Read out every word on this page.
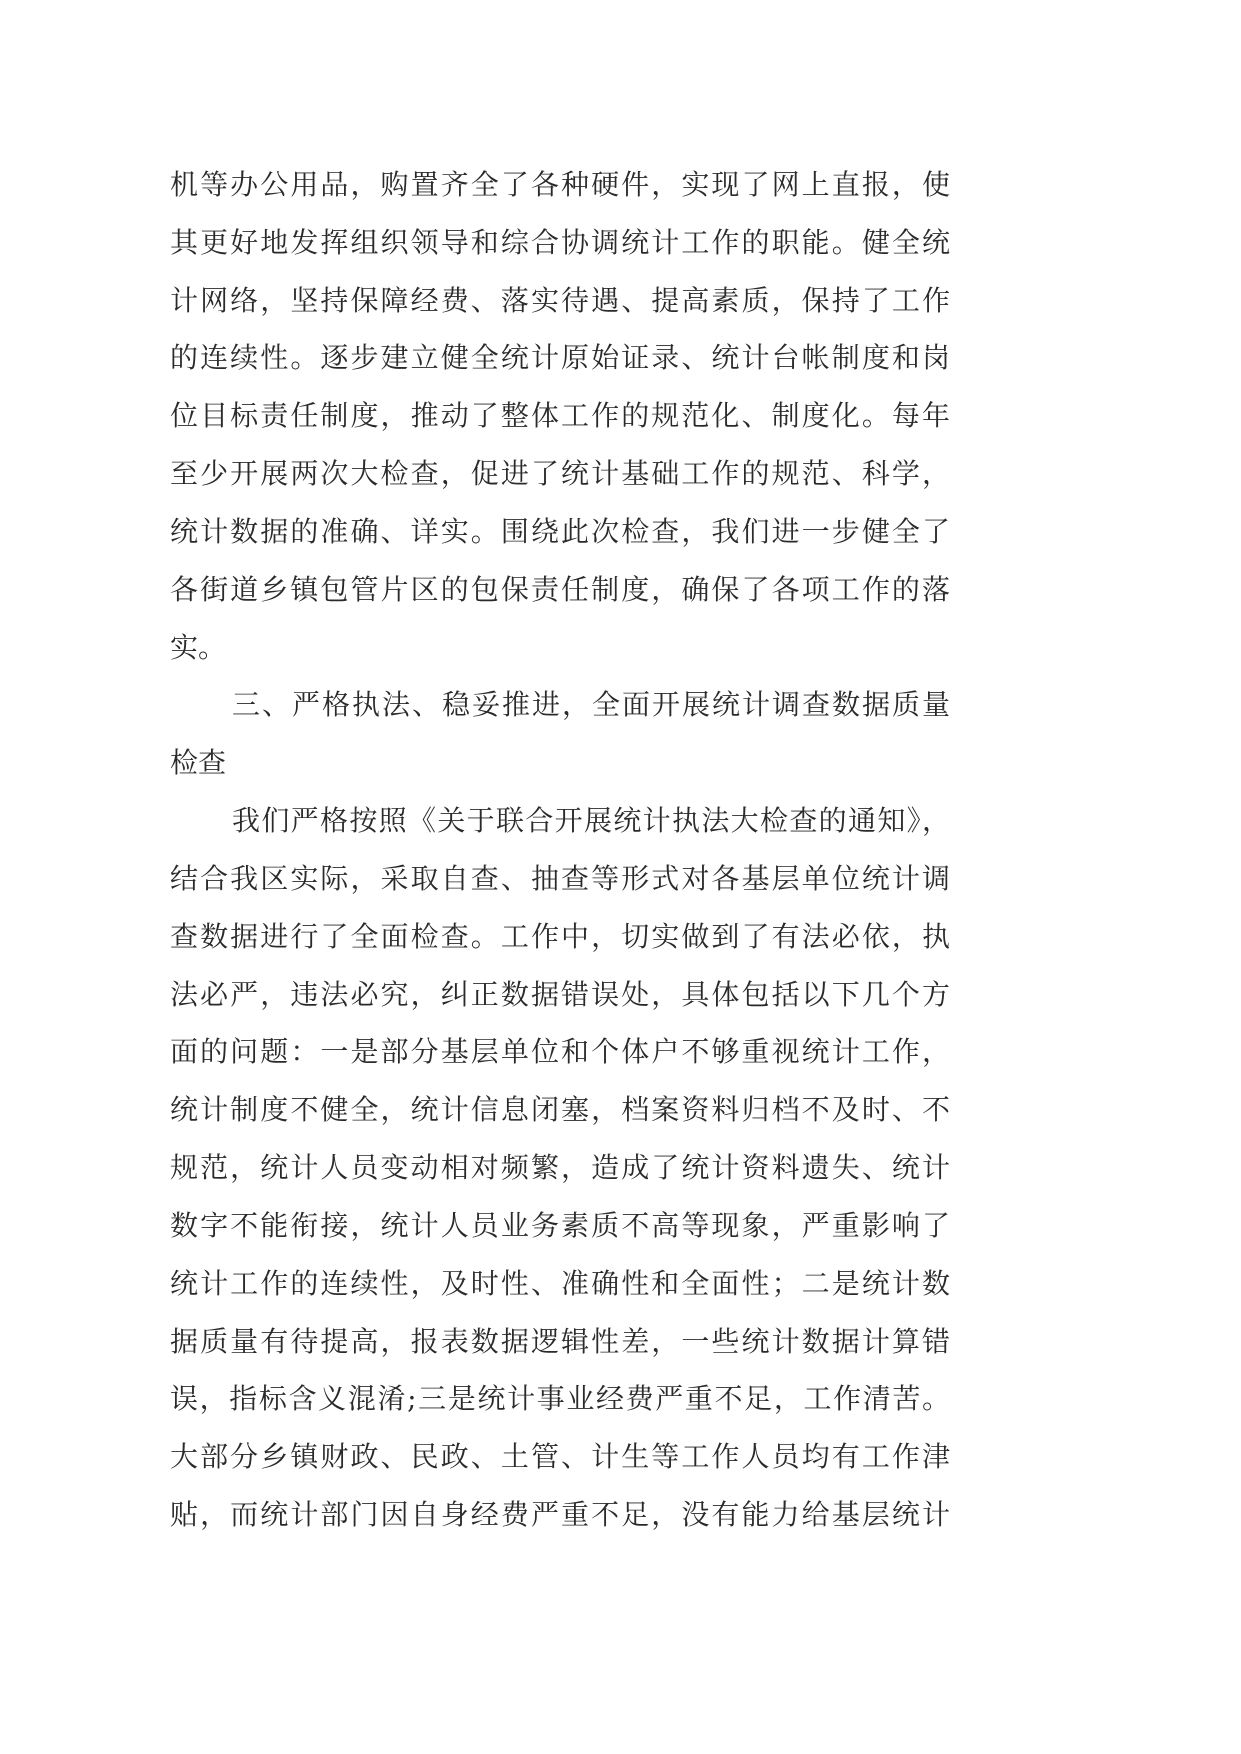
机等办公用品，购置齐全了各种硬件，实现了网上直报，使
其更好地发挥组织领导和综合协调统计工作的职能。健全统
计网络，坚持保障经费、落实待遇、提高素质，保持了工作
的连续性。逐步建立健全统计原始证录、统计台帐制度和岗
位目标责任制度，推动了整体工作的规范化、制度化。每年
至少开展两次大检查，促进了统计基础工作的规范、科学，
统计数据的准确、详实。围绕此次检查，我们进一步健全了
各街道乡镇包管片区的包保责任制度，确保了各项工作的落
实。
三、严格执法、稳妥推进，全面开展统计调查数据质量
检查
我们严格按照《关于联合开展统计执法大检查的通知》，
结合我区实际，采取自查、抽查等形式对各基层单位统计调
查数据进行了全面检查。工作中，切实做到了有法必依，执
法必严，违法必究，纠正数据错误处，具体包括以下几个方
面的问题：一是部分基层单位和个体户不够重视统计工作，
统计制度不健全，统计信息闭塞，档案资料归档不及时、不
规范，统计人员变动相对频繁，造成了统计资料遗失、统计
数字不能衔接，统计人员业务素质不高等现象，严重影响了
统计工作的连续性，及时性、准确性和全面性；二是统计数
据质量有待提高，报表数据逻辑性差，一些统计数据计算错
误，指标含义混淆;三是统计事业经费严重不足，工作清苦。
大部分乡镇财政、民政、土管、计生等工作人员均有工作津
贴，而统计部门因自身经费严重不足，没有能力给基层统计
